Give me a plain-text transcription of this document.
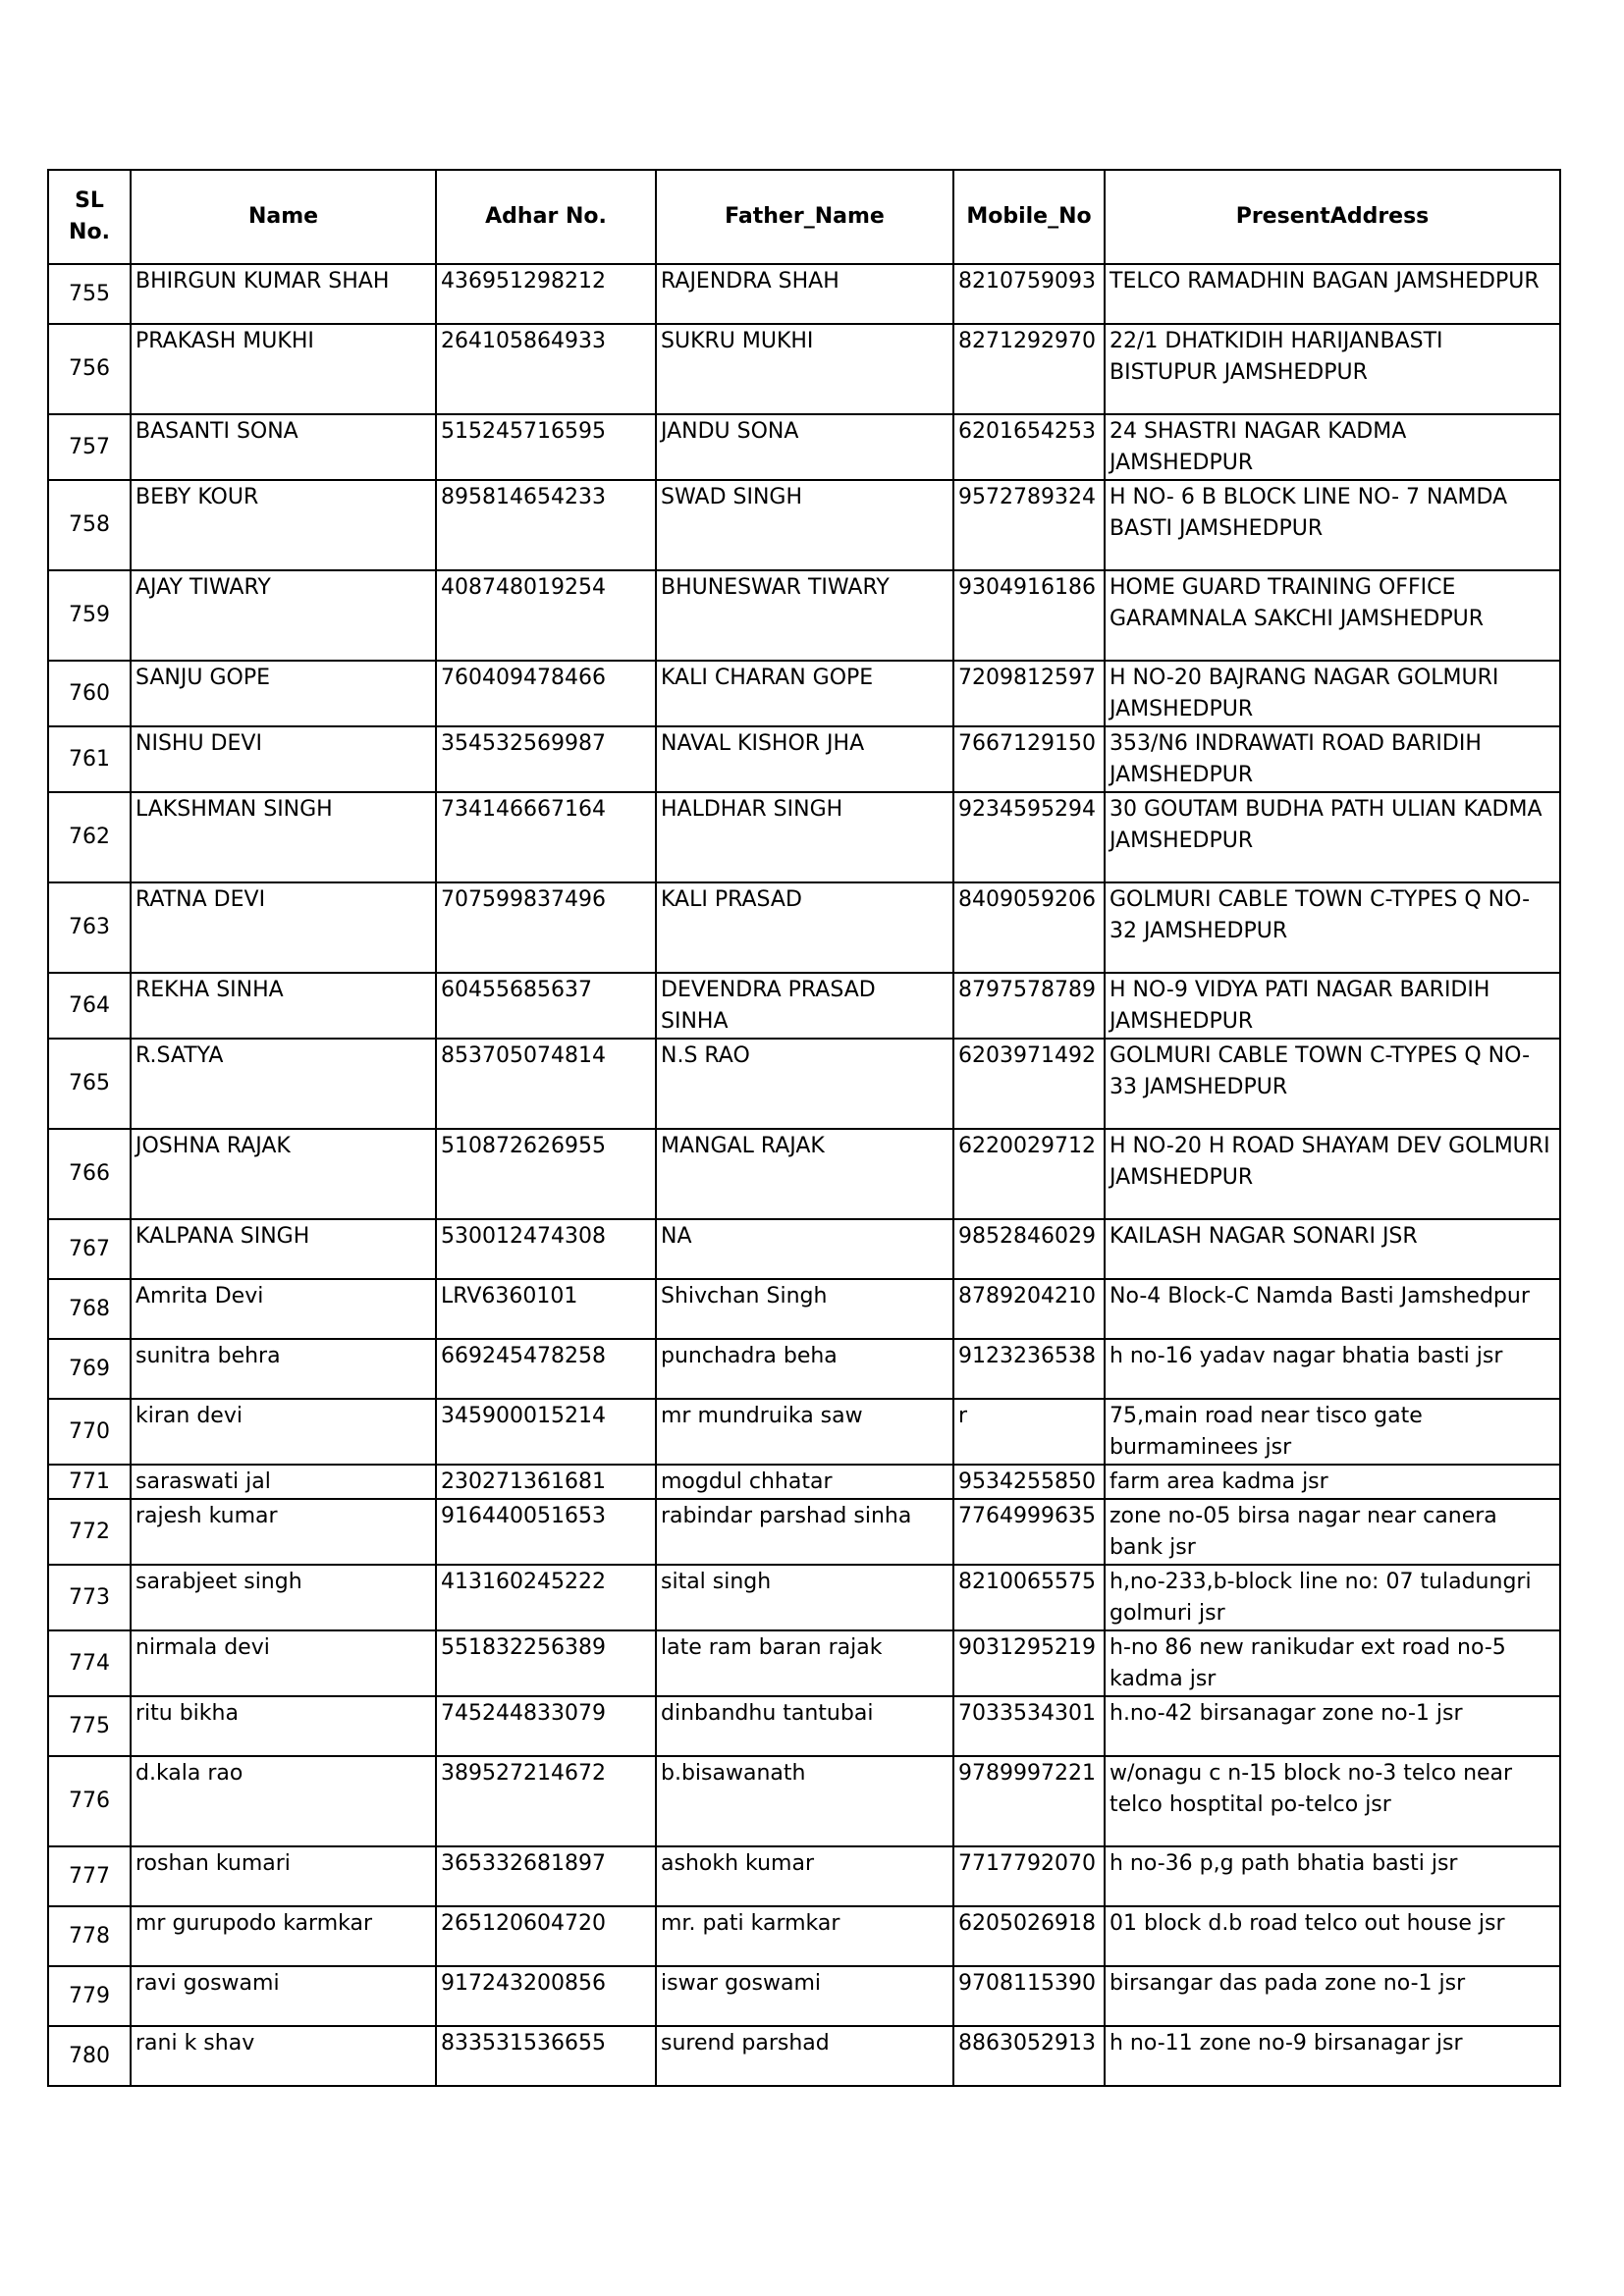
SL No.	Name	Adhar No.	Father_Name	Mobile_No	PresentAddress
755	BHIRGUN KUMAR SHAH	436951298212	RAJENDRA SHAH	8210759093	TELCO RAMADHIN BAGAN JAMSHEDPUR
756	PRAKASH MUKHI	264105864933	SUKRU MUKHI	8271292970	22/1 DHATKIDIH HARIJANBASTI BISTUPUR JAMSHEDPUR
757	BASANTI SONA	515245716595	JANDU SONA	6201654253	24 SHASTRI NAGAR KADMA JAMSHEDPUR
758	BEBY KOUR	895814654233	SWAD SINGH	9572789324	H NO- 6 B BLOCK LINE NO- 7 NAMDA BASTI JAMSHEDPUR
759	AJAY TIWARY	408748019254	BHUNESWAR TIWARY	9304916186	HOME GUARD TRAINING OFFICE GARAMNALA SAKCHI JAMSHEDPUR
760	SANJU GOPE	760409478466	KALI CHARAN GOPE	7209812597	H NO-20 BAJRANG NAGAR GOLMURI JAMSHEDPUR
761	NISHU DEVI	354532569987	NAVAL KISHOR JHA	7667129150	353/N6 INDRAWATI ROAD BARIDIH JAMSHEDPUR
762	LAKSHMAN SINGH	734146667164	HALDHAR SINGH	9234595294	30 GOUTAM BUDHA PATH ULIAN KADMA JAMSHEDPUR
763	RATNA DEVI	707599837496	KALI PRASAD	8409059206	GOLMURI CABLE TOWN C-TYPES Q NO-32 JAMSHEDPUR
764	REKHA SINHA	60455685637	DEVENDRA PRASAD SINHA	8797578789	H NO-9 VIDYA PATI NAGAR BARIDIH JAMSHEDPUR
765	R.SATYA	853705074814	N.S RAO	6203971492	GOLMURI CABLE TOWN C-TYPES Q NO-33 JAMSHEDPUR
766	JOSHNA RAJAK	510872626955	MANGAL RAJAK	6220029712	H NO-20 H ROAD SHAYAM DEV GOLMURI JAMSHEDPUR
767	KALPANA SINGH	530012474308	NA	9852846029	KAILASH NAGAR SONARI JSR
768	Amrita Devi	LRV6360101	Shivchan Singh	8789204210	No-4 Block-C Namda Basti Jamshedpur
769	sunitra behra	669245478258	punchadra beha	9123236538	h no-16 yadav nagar bhatia basti jsr
770	kiran devi	345900015214	mr mundruika saw	r	75,main road near tisco gate burmaminees jsr
771	saraswati jal	230271361681	mogdul chhatar	9534255850	farm area kadma jsr
772	rajesh kumar	916440051653	rabindar parshad sinha	7764999635	zone no-05 birsa nagar near canera bank jsr
773	sarabjeet singh	413160245222	sital singh	8210065575	h,no-233,b-block line no: 07 tuladungri golmuri jsr
774	nirmala devi	551832256389	late ram baran rajak	9031295219	h-no 86 new ranikudar ext road no-5 kadma jsr
775	ritu bikha	745244833079	dinbandhu tantubai	7033534301	h.no-42 birsanagar zone no-1 jsr
776	d.kala rao	389527214672	b.bisawanath	9789997221	w/onagu c n-15 block no-3 telco near telco hosptital po-telco jsr
777	roshan kumari	365332681897	ashokh kumar	7717792070	h no-36 p,g path bhatia basti jsr
778	mr gurupodo karmkar	265120604720	mr. pati karmkar	6205026918	01 block d.b road telco out house jsr
779	ravi goswami	917243200856	iswar goswami	9708115390	birsangar das pada zone no-1 jsr
780	rani k shav	833531536655	surend parshad	8863052913	h no-11 zone no-9 birsanagar jsr
